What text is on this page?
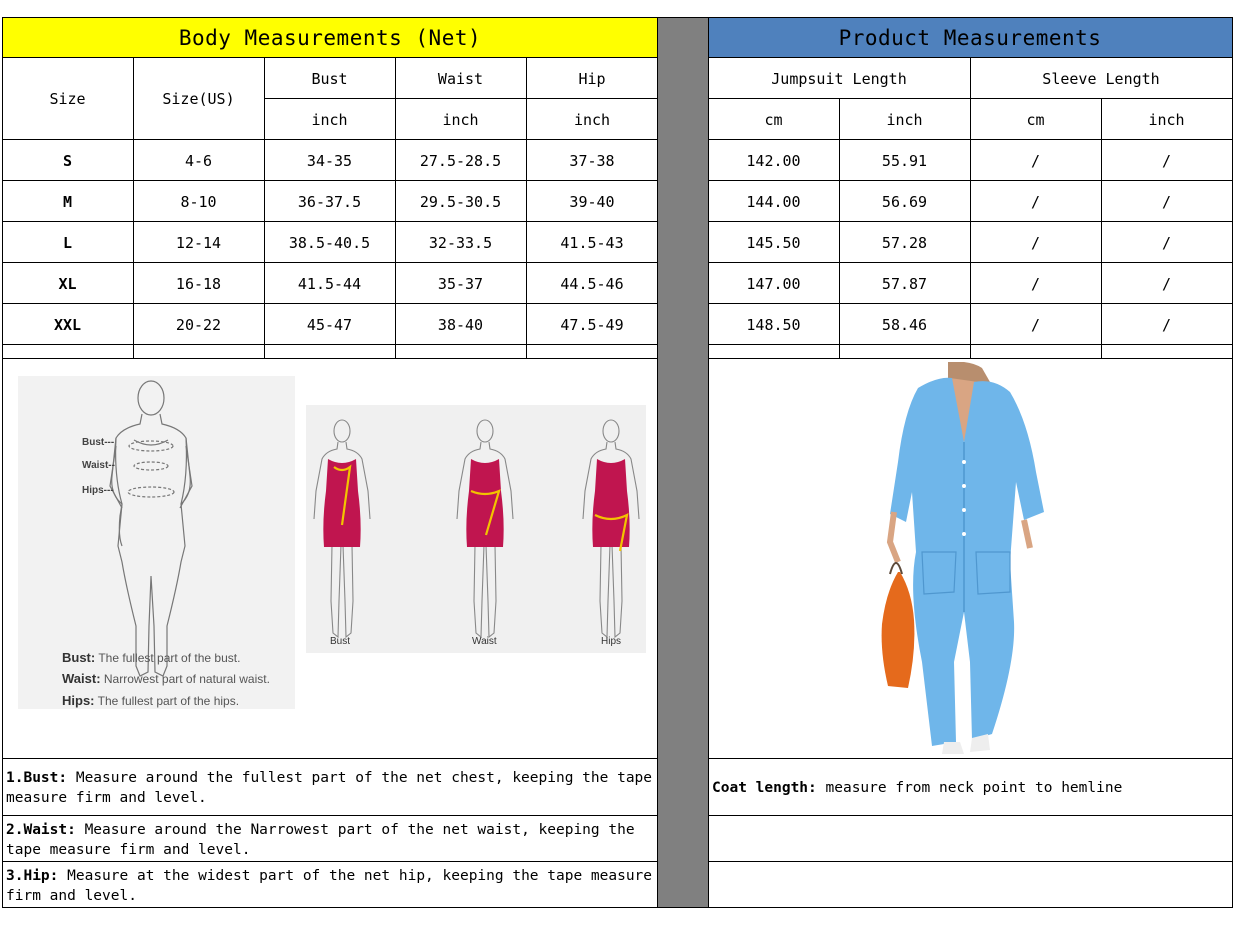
Body Measurements (Net)	Product Measurements
Size	Size(US)
Bust	Waist	Hip
inch	inch	inch
Jumpsuit Length	Sleeve Length
cm	inch	cm	inch
S	4-6	34-35	27.5-28.5	37-38	142.00	55.91	/	/
M	8-10	36-37.5	29.5-30.5	39-40	144.00	56.69	/	/
L	12-14	38.5-40.5	32-33.5	41.5-43	145.50	57.28	/	/
XL	16-18	41.5-44	35-37	44.5-46	147.00	57.87	/	/
XXL	20-22	45-47	38-40	47.5-49	148.50	58.46	/	/
Bust---
Waist--
Hips---
Bust: The fullest part of the bust.
Waist: Narrowest part of natural waist.
Hips: The fullest part of the hips.
Bust	Waist	Hips
1.Bust: Measure around the fullest part of the net chest, keeping the tape measure firm and level.
2.Waist: Measure around the Narrowest part of the net waist, keeping the tape measure firm and level.
3.Hip: Measure at the widest part of the net hip, keeping the tape measure firm and level.
Coat length: measure from neck point to hemline
